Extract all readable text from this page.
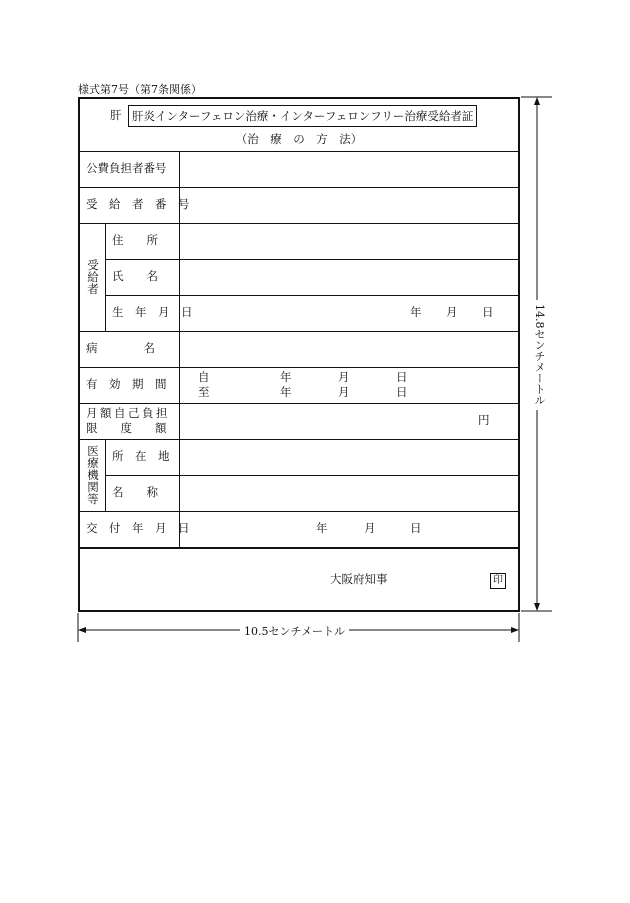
様式第7号（第7条関係）
肝 肝炎インターフェロン治療・インターフェロンフリー治療受給者証
（治　療　の　方　法）
公費負担者番号
受　給　者　番　号
受
給
者
住　　所
氏　　名
生　年　月　日	年 月 日
病　　　　名
有　効　期　間	自	年	月	日
至	年	月	日
月額自己負担
限　　度　　額
円
医
療
機
関
等
所　在　地
名　　称
交　付　年　月　日	年	月	日
大阪府知事	印
10.5センチメートル
14.8センチメートル
